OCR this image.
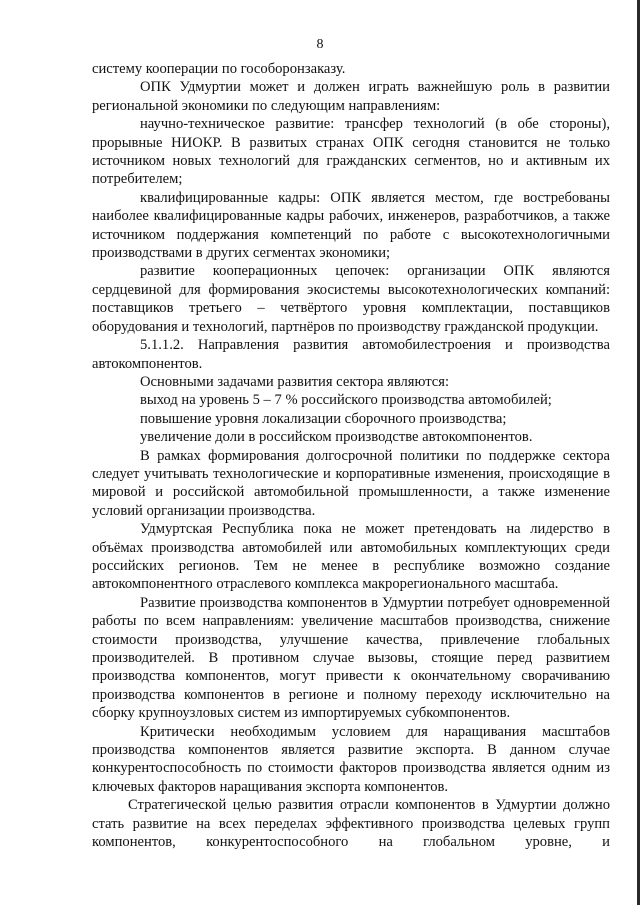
8

систему кооперации по гособоронзаказу.

ОПК Удмуртии может и должен играть важнейшую роль в развитии региональной экономики по следующим направлениям:

научно-техническое развитие: трансфер технологий (в обе стороны), прорывные НИОКР. В развитых странах ОПК сегодня становится не только источником новых технологий для гражданских сегментов, но и активным их потребителем;

квалифицированные кадры: ОПК является местом, где востребованы наиболее квалифицированные кадры рабочих, инженеров, разработчиков, а также источником поддержания компетенций по работе с высокотехнологичными производствами в других сегментах экономики;

развитие кооперационных цепочек: организации ОПК являются сердцевиной для формирования экосистемы высокотехнологических компаний: поставщиков третьего – четвёртого уровня комплектации, поставщиков оборудования и технологий, партнёров по производству гражданской продукции.

5.1.1.2. Направления развития автомобилестроения и производства автокомпонентов.

Основными задачами развития сектора являются:

выход на уровень 5 – 7 % российского производства автомобилей;

повышение уровня локализации сборочного производства;

увеличение доли в российском производстве автокомпонентов.

В рамках формирования долгосрочной политики по поддержке сектора следует учитывать технологические и корпоративные изменения, происходящие в мировой и российской автомобильной промышленности, а также изменение условий организации производства.

Удмуртская Республика пока не может претендовать на лидерство в объёмах производства автомобилей или автомобильных комплектующих среди российских регионов. Тем не менее в республике возможно создание автокомпонентного отраслевого комплекса макрорегионального масштаба.

Развитие производства компонентов в Удмуртии потребует одновременной работы по всем направлениям: увеличение масштабов производства, снижение стоимости производства, улучшение качества, привлечение глобальных производителей. В противном случае вызовы, стоящие перед развитием производства компонентов, могут привести к окончательному сворачиванию производства компонентов в регионе и полному переходу исключительно на сборку крупноузловых систем из импортируемых субкомпонентов.

Критически необходимым условием для наращивания масштабов производства компонентов является развитие экспорта. В данном случае конкурентоспособность по стоимости факторов производства является одним из ключевых факторов наращивания экспорта компонентов.

Стратегической целью развития отрасли компонентов в Удмуртии должно стать развитие на всех переделах эффективного производства целевых групп компонентов, конкурентоспособного на глобальном уровне, и
